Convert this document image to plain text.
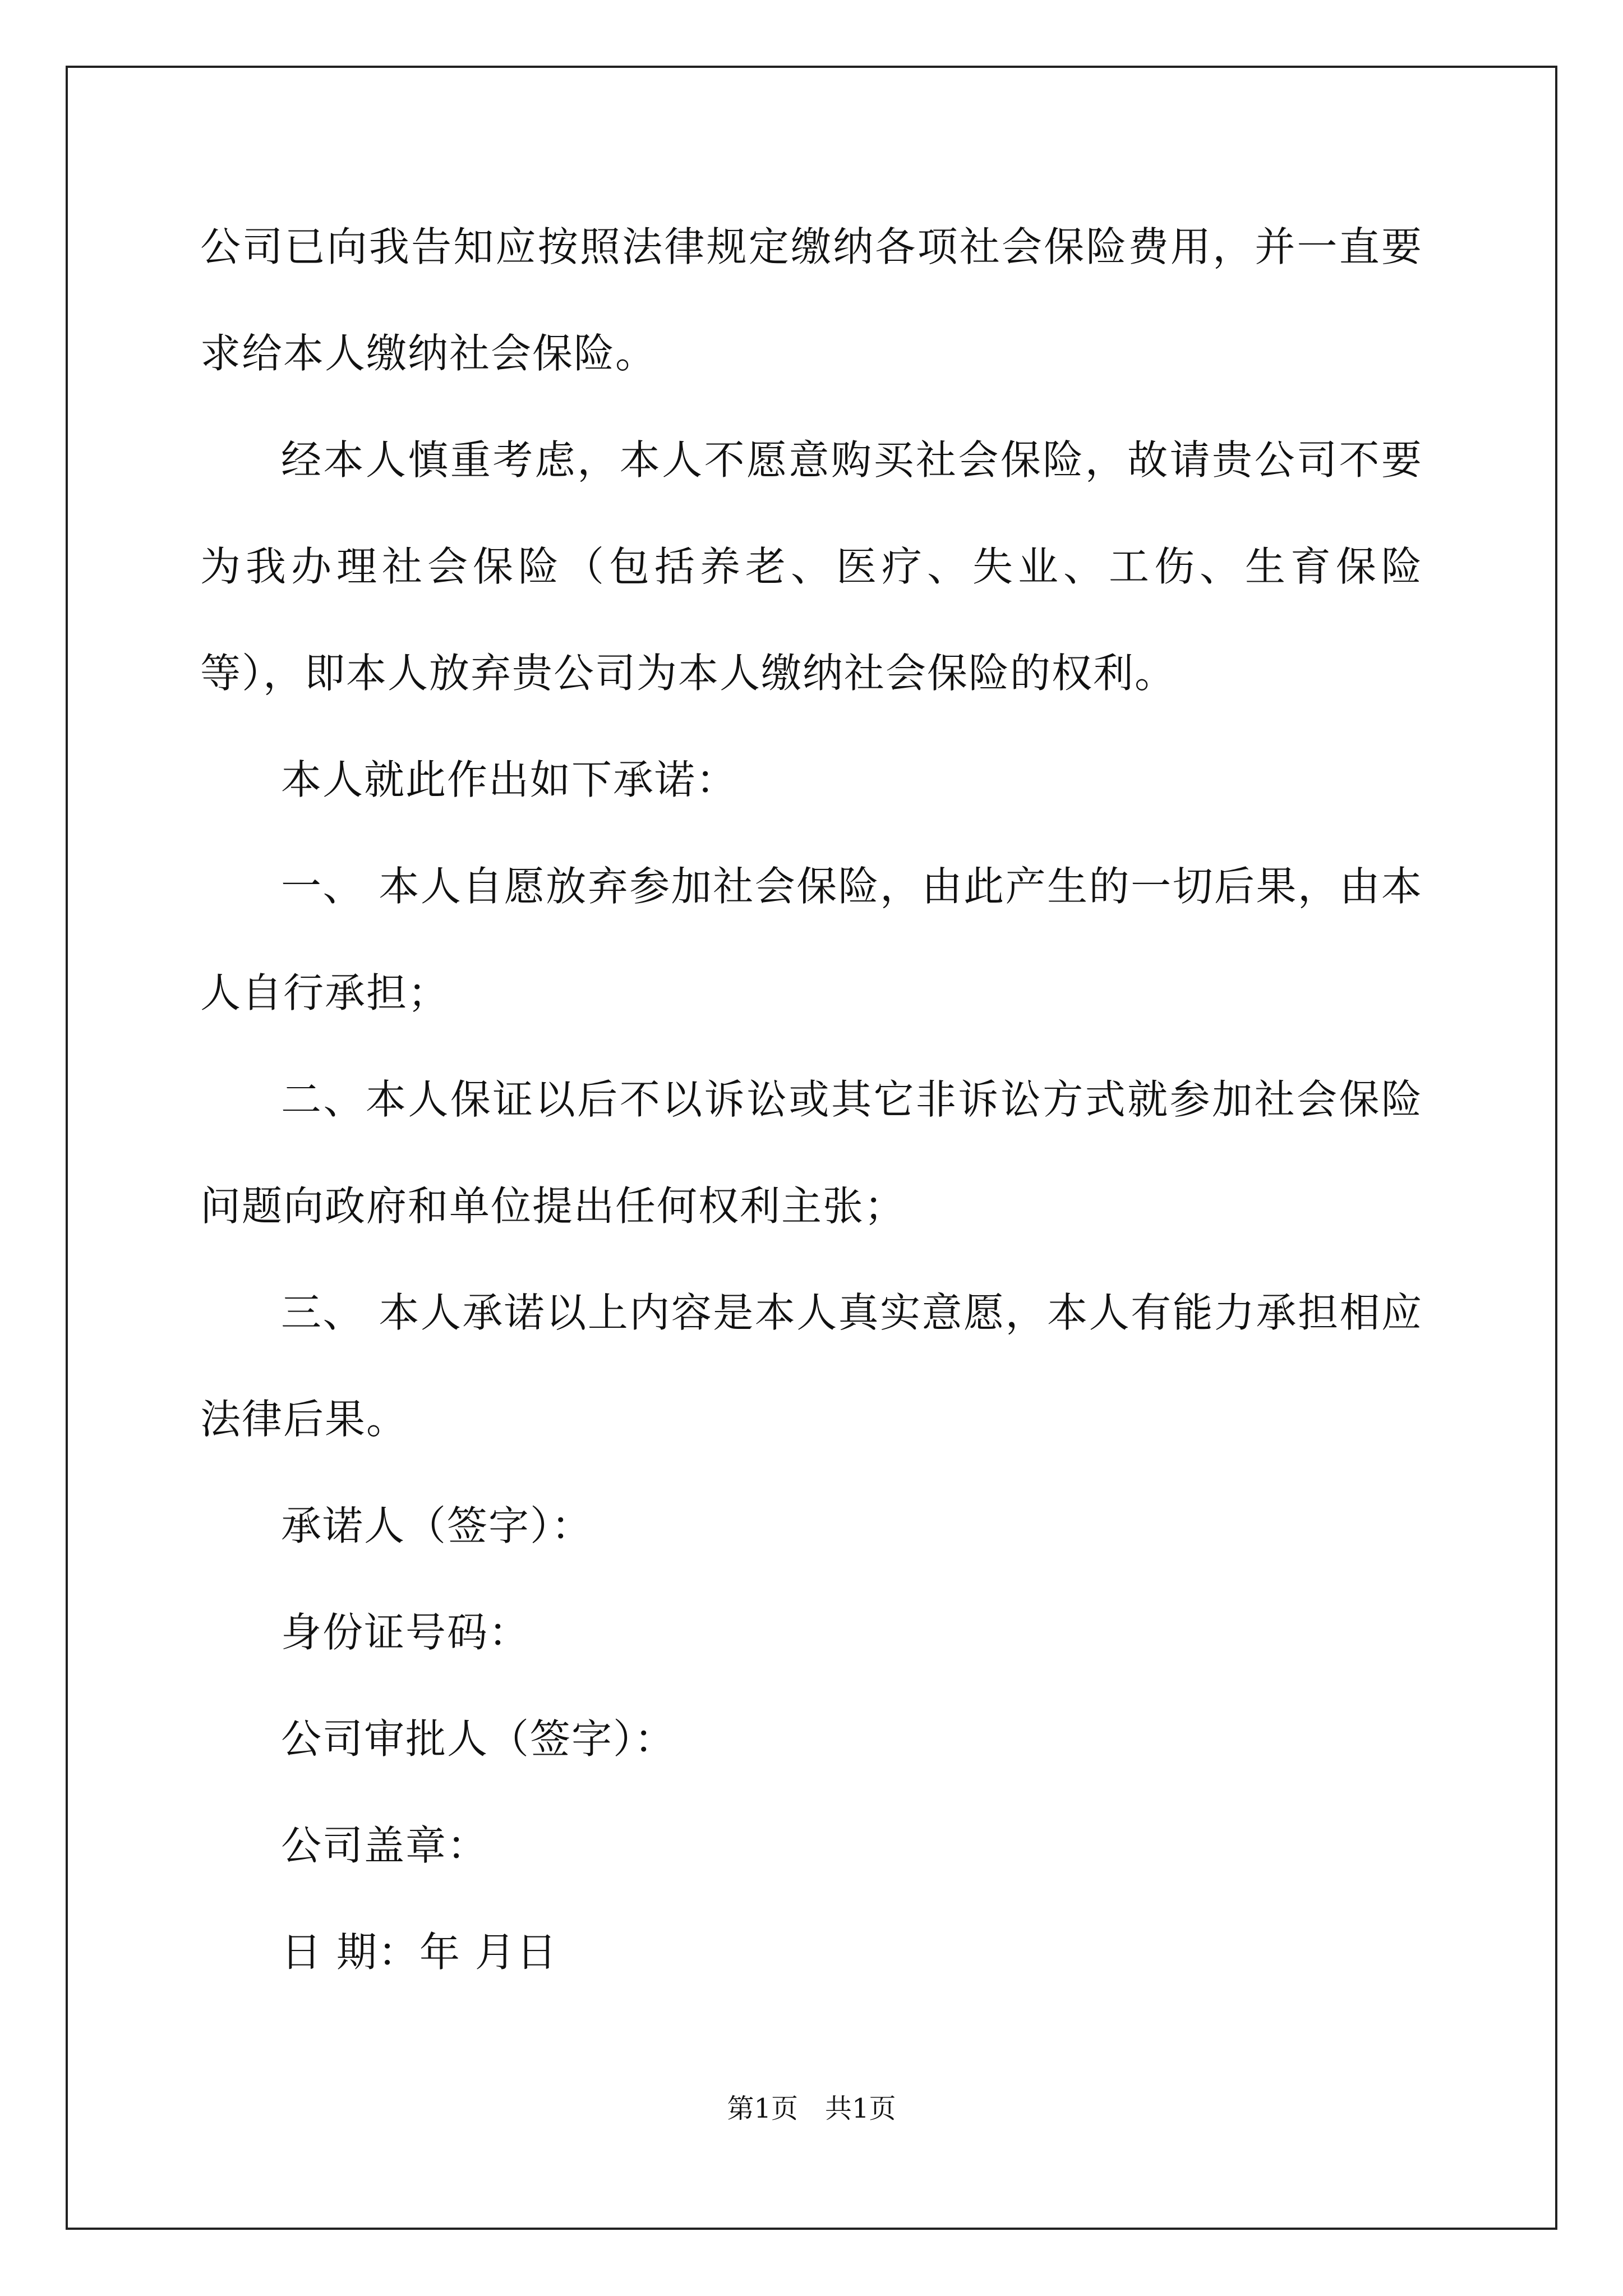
公司已向我告知应按照法律规定缴纳各项社会保险费用，并一直要求给本人缴纳社会保险。

经本人慎重考虑，本人不愿意购买社会保险，故请贵公司不要为我办理社会保险（包括养老、医疗、失业、工伤、生育保险等），即本人放弃贵公司为本人缴纳社会保险的权利。

本人就此作出如下承诺：

一、 本人自愿放弃参加社会保险，由此产生的一切后果，由本人自行承担；

二、本人保证以后不以诉讼或其它非诉讼方式就参加社会保险问题向政府和单位提出任何权利主张；

三、 本人承诺以上内容是本人真实意愿，本人有能力承担相应法律后果。

承诺人（签字）：

身份证号码：

公司审批人（签字）：

公司盖章：

日 期：年 月日

第1页　共1页
